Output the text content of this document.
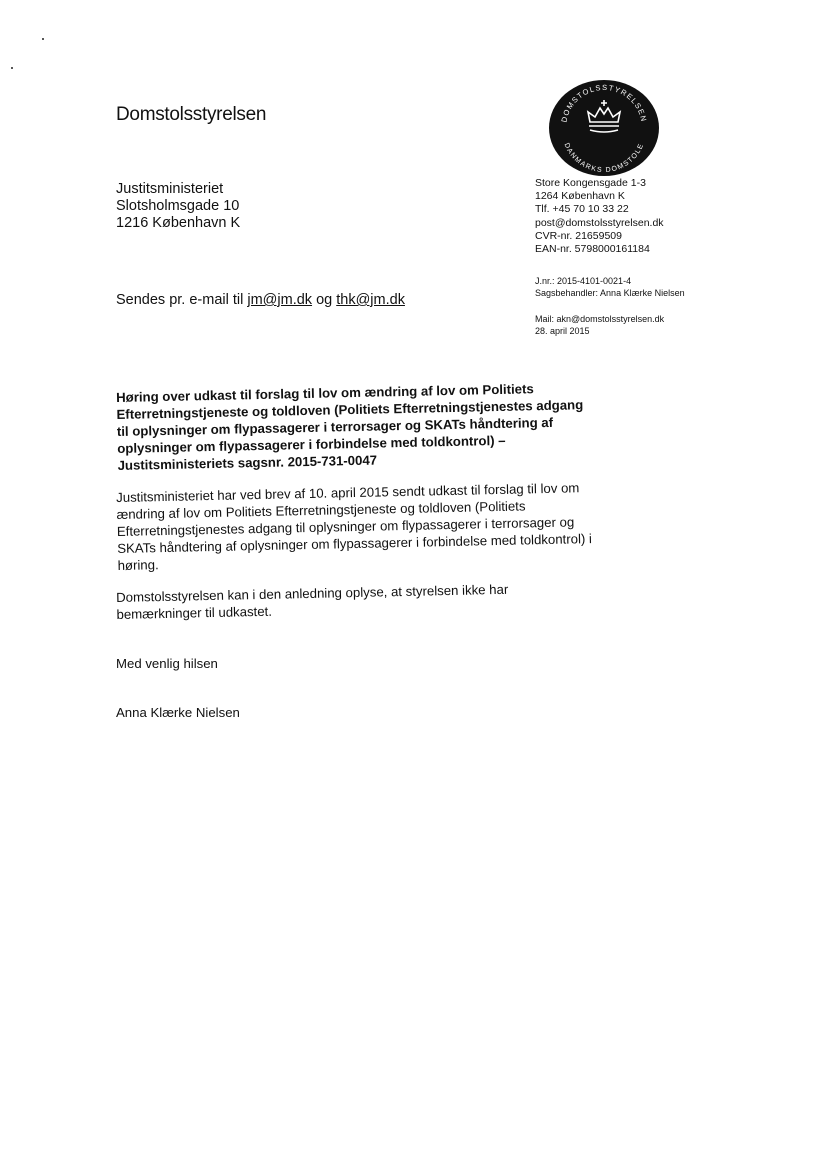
Domstolsstyrelsen	DOMSTOLSSTYRELSEN
DANMARKS DOMSTOLE
Justitsministeriet
Slotsholmsgade 10
1216 København K
Sendes pr. e-mail til jm@jm.dk og thk@jm.dk
Store Kongensgade 1-3
1264 København K
Tlf. +45 70 10 33 22
post@domstolsstyrelsen.dk
CVR-nr. 21659509
EAN-nr. 5798000161184
J.nr.: 2015-4101-0021-4
Sagsbehandler: Anna Klærke Nielsen
Mail: akn@domstolsstyrelsen.dk
28. april 2015
Høring over udkast til forslag til lov om ændring af lov om Politiets Efterretningstjeneste og toldloven (Politiets Efterretningstjenestes adgang til oplysninger om flypassagerer i terrorsager og SKATs håndtering af oplysninger om flypassagerer i forbindelse med toldkontrol) – Justitsministeriets sagsnr. 2015-731-0047
Justitsministeriet har ved brev af 10. april 2015 sendt udkast til forslag til lov om ændring af lov om Politiets Efterretningstjeneste og toldloven (Politiets Efterretningstjenestes adgang til oplysninger om flypassagerer i terrorsager og SKATs håndtering af oplysninger om flypassagerer i forbindelse med toldkontrol) i høring.
Domstolsstyrelsen kan i den anledning oplyse, at styrelsen ikke har bemærkninger til udkastet.
Med venlig hilsen
Anna Klærke Nielsen
